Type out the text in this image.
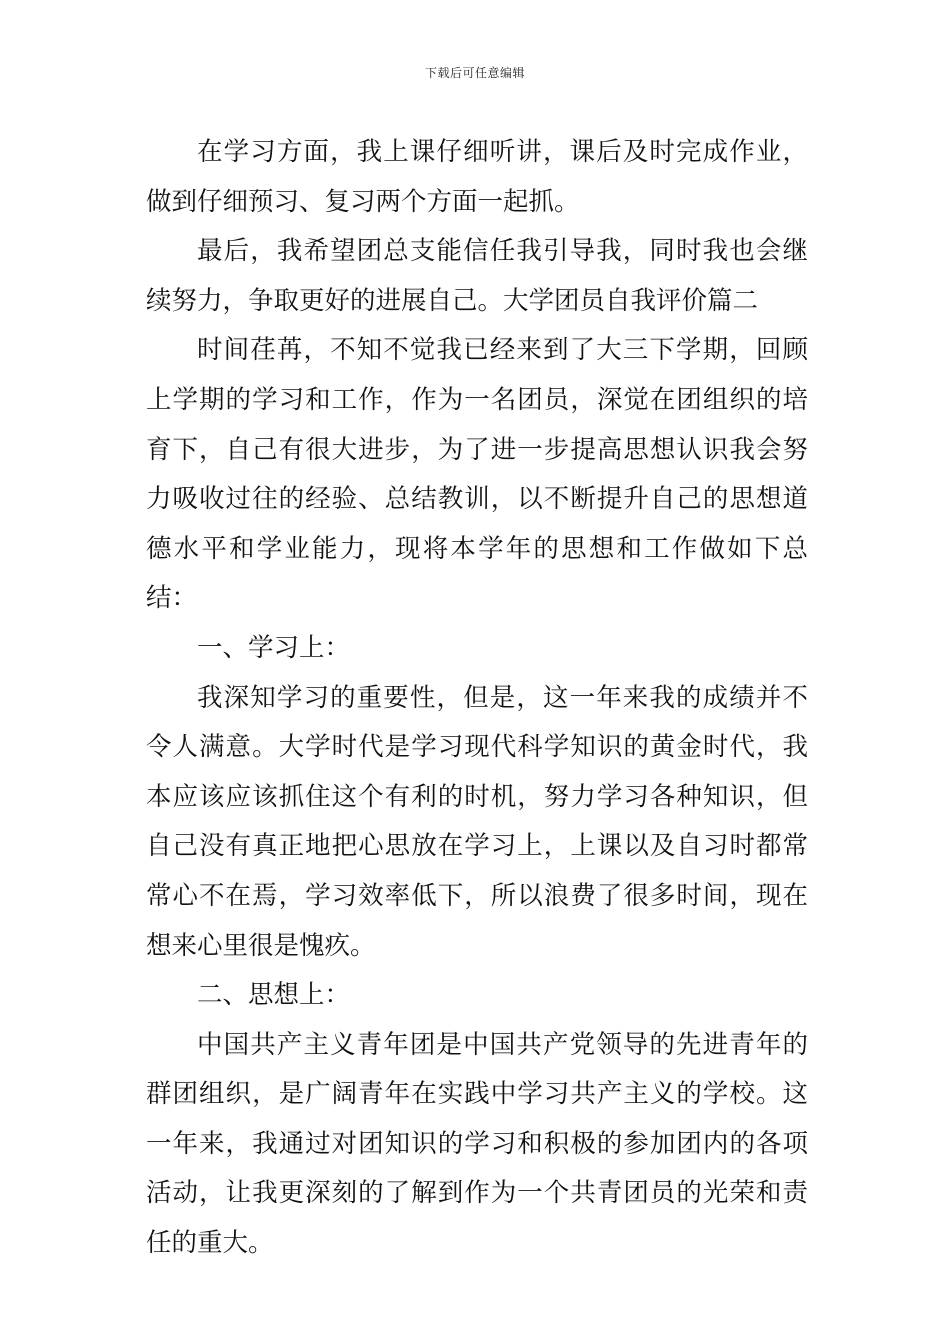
下载后可任意编辑

在学习方面，我上课仔细听讲，课后及时完成作业，做到仔细预习、复习两个方面一起抓。

最后，我希望团总支能信任我引导我，同时我也会继续努力，争取更好的进展自己。大学团员自我评价篇二

时间荏苒，不知不觉我已经来到了大三下学期，回顾上学期的学习和工作，作为一名团员，深觉在团组织的培育下，自己有很大进步，为了进一步提高思想认识我会努力吸收过往的经验、总结教训，以不断提升自己的思想道德水平和学业能力，现将本学年的思想和工作做如下总结：

一、学习上：

我深知学习的重要性，但是，这一年来我的成绩并不令人满意。大学时代是学习现代科学知识的黄金时代，我本应该应该抓住这个有利的时机，努力学习各种知识，但自己没有真正地把心思放在学习上，上课以及自习时都常常心不在焉，学习效率低下，所以浪费了很多时间，现在想来心里很是愧疚。

二、思想上：

中国共产主义青年团是中国共产党领导的先进青年的群团组织，是广阔青年在实践中学习共产主义的学校。这一年来，我通过对团知识的学习和积极的参加团内的各项活动，让我更深刻的了解到作为一个共青团员的光荣和责任的重大。
